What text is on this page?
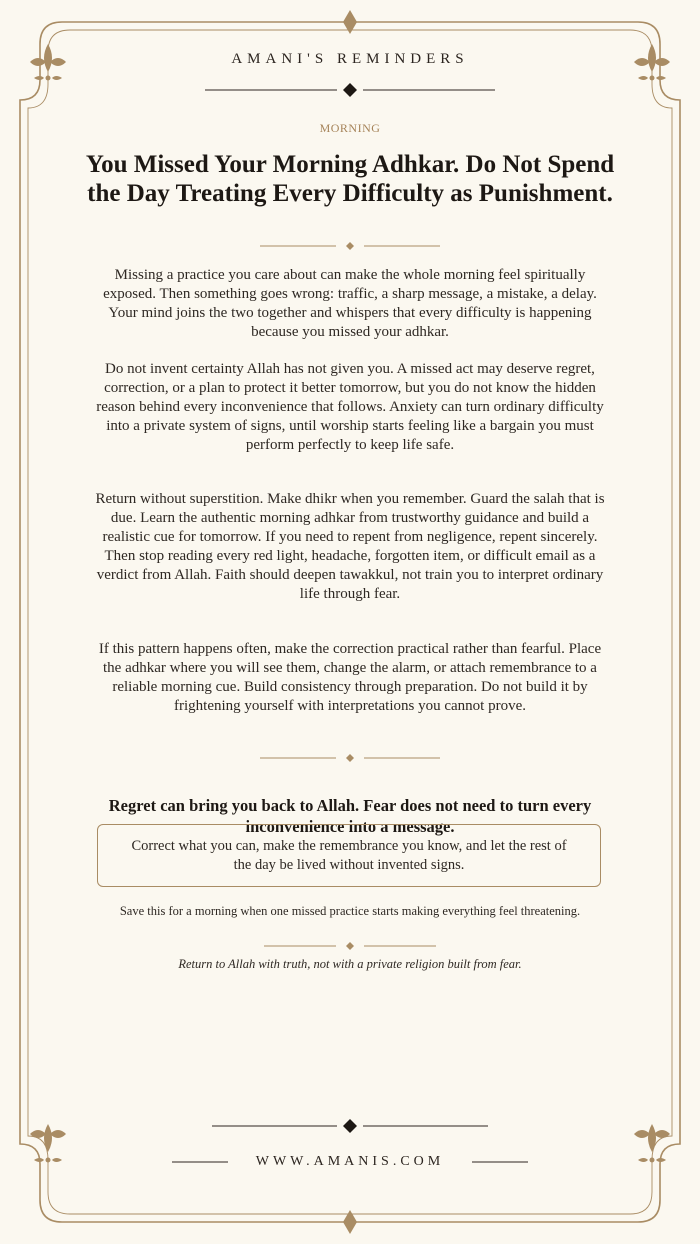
AMANI'S REMINDERS
MORNING
You Missed Your Morning Adhkar. Do Not Spend the Day Treating Every Difficulty as Punishment.

Missing a practice you care about can make the whole morning feel spiritually exposed. Then something goes wrong: traffic, a sharp message, a mistake, a delay. Your mind joins the two together and whispers that every difficulty is happening because you missed your adhkar.

Do not invent certainty Allah has not given you. A missed act may deserve regret, correction, or a plan to protect it better tomorrow, but you do not know the hidden reason behind every inconvenience that follows. Anxiety can turn ordinary difficulty into a private system of signs, until worship starts feeling like a bargain you must perform perfectly to keep life safe.

Return without superstition. Make dhikr when you remember. Guard the salah that is due. Learn the authentic morning adhkar from trustworthy guidance and build a realistic cue for tomorrow. If you need to repent from negligence, repent sincerely. Then stop reading every red light, headache, forgotten item, or difficult email as a verdict from Allah. Faith should deepen tawakkul, not train you to interpret ordinary life through fear.

If this pattern happens often, make the correction practical rather than fearful. Place the adhkar where you will see them, change the alarm, or attach remembrance to a reliable morning cue. Build consistency through preparation. Do not build it by frightening yourself with interpretations you cannot prove.

Regret can bring you back to Allah. Fear does not need to turn every inconvenience into a message.

Correct what you can, make the remembrance you know, and let the rest of the day be lived without invented signs.

Save this for a morning when one missed practice starts making everything feel threatening.

Return to Allah with truth, not with a private religion built from fear.

WWW.AMANIS.COM
